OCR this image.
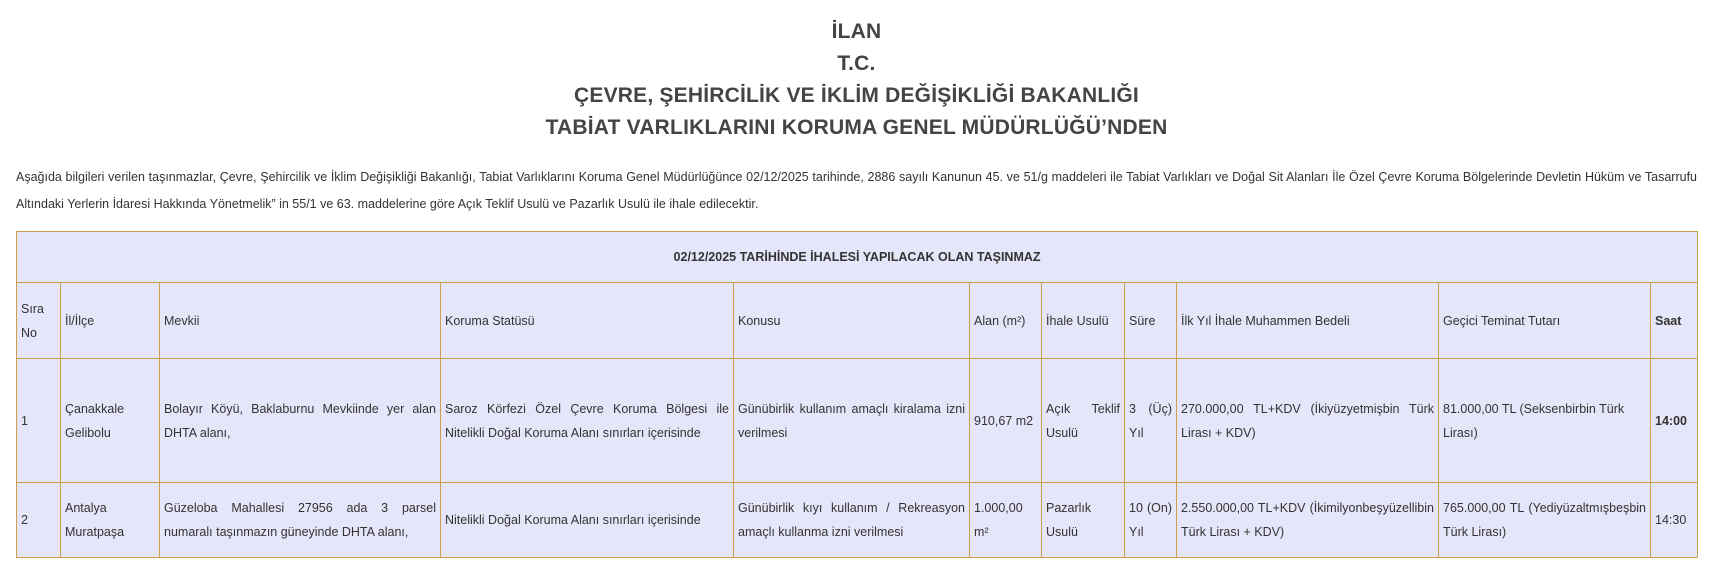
İLAN
T.C.
ÇEVRE, ŞEHİRCİLİK VE İKLİM DEĞİŞİKLİĞİ BAKANLIĞI
TABİAT VARLIKLARINI KORUMA GENEL MÜDÜRLÜĞÜ’NDEN
Aşağıda bilgileri verilen taşınmazlar, Çevre, Şehircilik ve İklim Değişikliği Bakanlığı, Tabiat Varlıklarını Koruma Genel Müdürlüğünce 02/12/2025 tarihinde, 2886 sayılı Kanunun 45. ve 51/g maddeleri ile Tabiat Varlıkları ve Doğal Sit Alanları İle Özel Çevre Koruma Bölgelerinde Devletin Hüküm ve Tasarrufu Altındaki Yerlerin İdaresi Hakkında Yönetmelik” in 55/1 ve 63. maddelerine göre Açık Teklif Usulü ve Pazarlık Usulü ile ihale edilecektir.
02/12/2025 TARİHİNDE İHALESİ YAPILACAK OLAN TAŞINMAZ										
Sıra No	İl/İlçe	Mevkii	Koruma Statüsü	Konusu	Alan (m²)	İhale Usulü	Süre	İlk Yıl İhale Muhammen Bedeli	Geçici Teminat Tutarı	Saat
1	Çanakkale Gelibolu	Bolayır Köyü, Baklaburnu Mevkiinde yer alan DHTA alanı,	Saroz Körfezi Özel Çevre Koruma Bölgesi ile Nitelikli Doğal Koruma Alanı sınırları içerisinde	Günübirlik kullanım amaçlı kiralama izni verilmesi	910,67 m2	Açık Teklif Usulü	3 (Üç) Yıl	270.000,00 TL+KDV (İkiyüzyetmişbin Türk Lirası + KDV)	81.000,00 TL (Seksenbirbin Türk Lirası)	14:00
2	Antalya Muratpaşa	Güzeloba Mahallesi 27956 ada 3 parsel numaralı taşınmazın güneyinde DHTA alanı,	Nitelikli Doğal Koruma Alanı sınırları içerisinde	Günübirlik kıyı kullanım / Rekreasyon amaçlı kullanma izni verilmesi	1.000,00 m²	Pazarlık Usulü	10 (On) Yıl	2.550.000,00 TL+KDV (İkimilyonbeşyüzellibin Türk Lirası + KDV)	765.000,00 TL (Yediyüzaltmışbeşbin Türk Lirası)	14:30
